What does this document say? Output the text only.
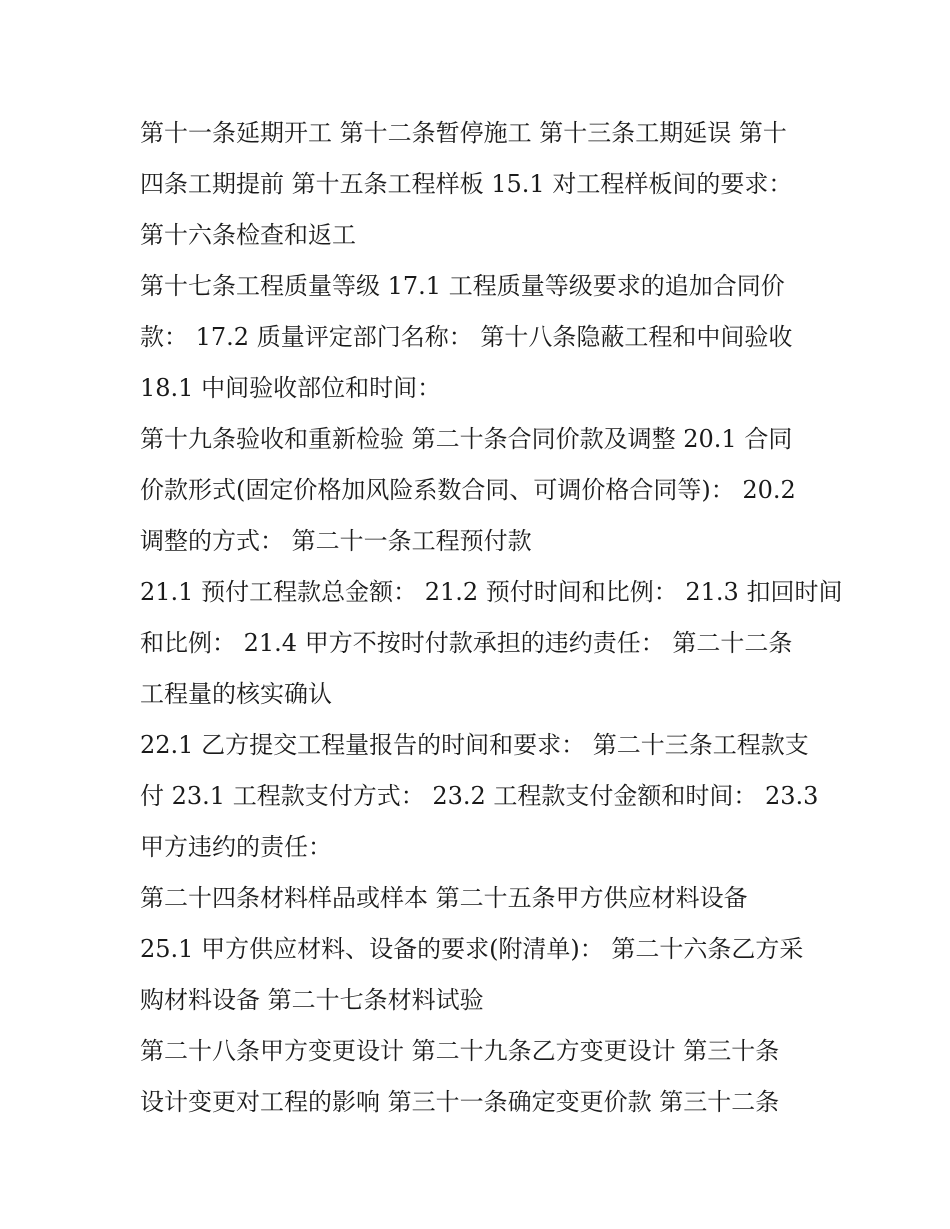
第十一条延期开工 第十二条暂停施工 第十三条工期延误 第十
四条工期提前 第十五条工程样板 15.1 对工程样板间的要求：
第十六条检查和返工
第十七条工程质量等级 17.1 工程质量等级要求的追加合同价
款： 17.2 质量评定部门名称： 第十八条隐蔽工程和中间验收
18.1 中间验收部位和时间：
第十九条验收和重新检验 第二十条合同价款及调整 20.1 合同
价款形式(固定价格加风险系数合同、可调价格合同等)： 20.2
调整的方式： 第二十一条工程预付款
21.1 预付工程款总金额： 21.2 预付时间和比例： 21.3 扣回时间
和比例： 21.4 甲方不按时付款承担的违约责任： 第二十二条
工程量的核实确认
22.1 乙方提交工程量报告的时间和要求： 第二十三条工程款支
付 23.1 工程款支付方式： 23.2 工程款支付金额和时间： 23.3
甲方违约的责任：
第二十四条材料样品或样本 第二十五条甲方供应材料设备
25.1 甲方供应材料、设备的要求(附清单)： 第二十六条乙方采
购材料设备 第二十七条材料试验
第二十八条甲方变更设计 第二十九条乙方变更设计 第三十条
设计变更对工程的影响 第三十一条确定变更价款 第三十二条
